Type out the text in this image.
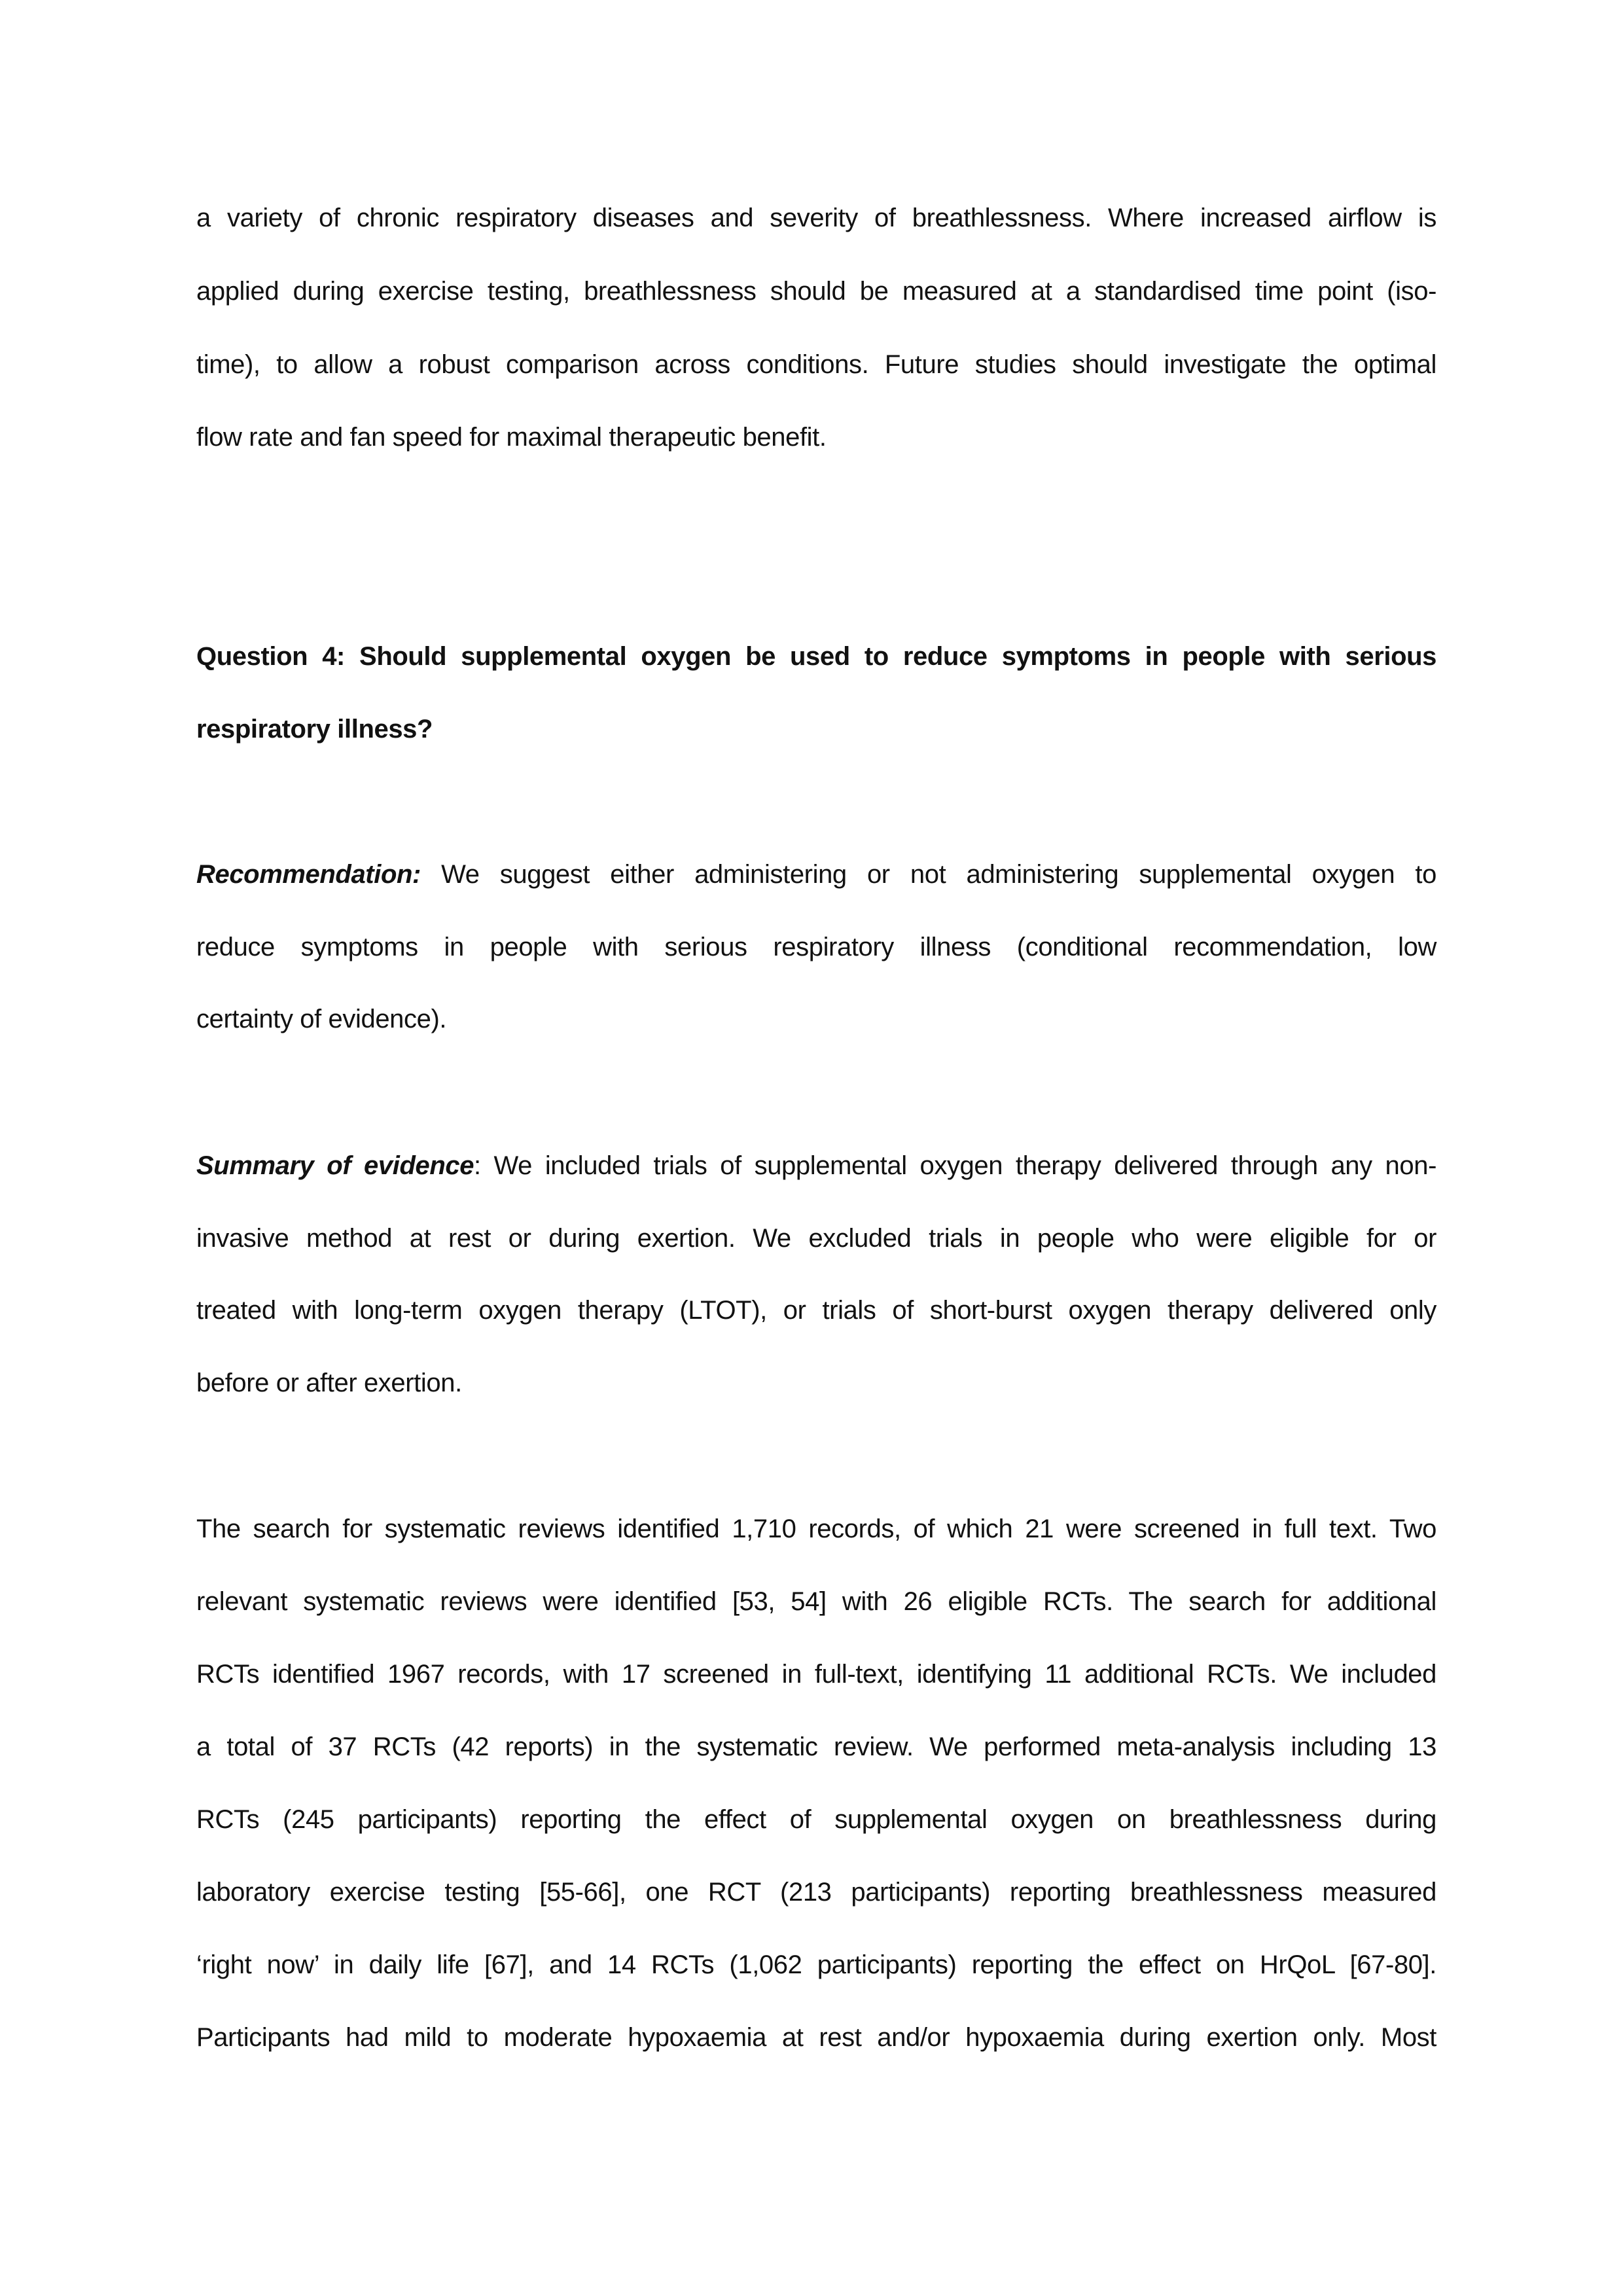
a variety of chronic respiratory diseases and severity of breathlessness. Where increased airflow is
applied during exercise testing, breathlessness should be measured at a standardised time point (iso-
time), to allow a robust comparison across conditions. Future studies should investigate the optimal
flow rate and fan speed for maximal therapeutic benefit.
Question 4: Should supplemental oxygen be used to reduce symptoms in people with serious
respiratory illness?
Recommendation: We suggest either administering or not administering supplemental oxygen to
reduce symptoms in people with serious respiratory illness (conditional recommendation, low
certainty of evidence).
Summary of evidence: We included trials of supplemental oxygen therapy delivered through any non-
invasive method at rest or during exertion. We excluded trials in people who were eligible for or
treated with long-term oxygen therapy (LTOT), or trials of short-burst oxygen therapy delivered only
before or after exertion.
The search for systematic reviews identified 1,710 records, of which 21 were screened in full text. Two
relevant systematic reviews were identified [53, 54] with 26 eligible RCTs. The search for additional
RCTs identified 1967 records, with 17 screened in full-text, identifying 11 additional RCTs. We included
a total of 37 RCTs (42 reports) in the systematic review. We performed meta-analysis including 13
RCTs (245 participants) reporting the effect of supplemental oxygen on breathlessness during
laboratory exercise testing [55-66], one RCT (213 participants) reporting breathlessness measured
‘right now’ in daily life [67], and 14 RCTs (1,062 participants) reporting the effect on HrQoL [67-80].
Participants had mild to moderate hypoxaemia at rest and/or hypoxaemia during exertion only. Most
